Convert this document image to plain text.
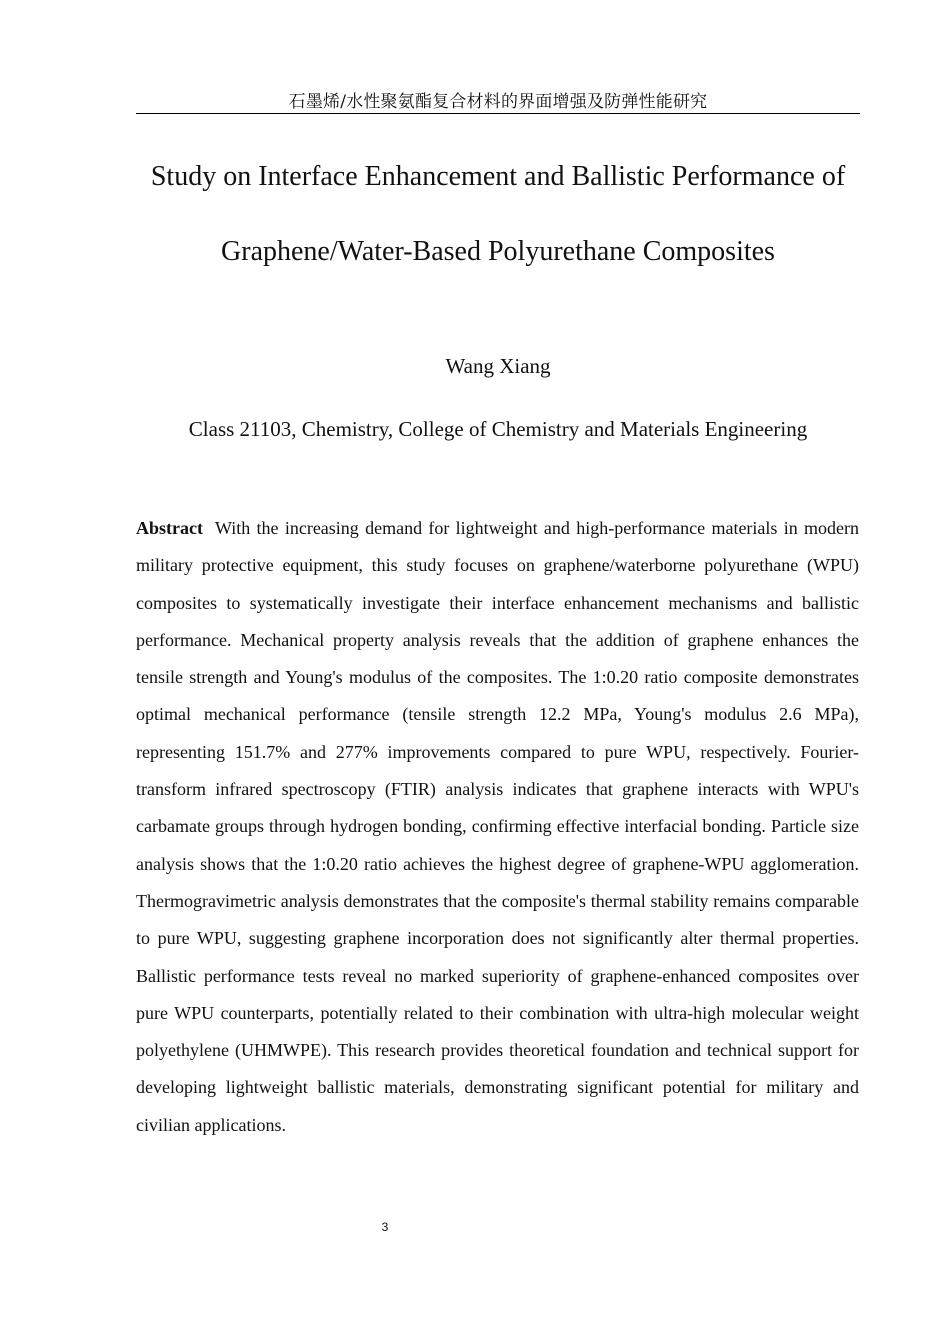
石墨烯/水性聚氨酯复合材料的界面增强及防弹性能研究
Study on Interface Enhancement and Ballistic Performance of
Graphene/Water-Based Polyurethane Composites
Wang Xiang
Class 21103, Chemistry, College of Chemistry and Materials Engineering

Abstract With the increasing demand for lightweight and high-performance materials in modern military protective equipment, this study focuses on graphene/waterborne polyurethane (WPU) composites to systematically investigate their interface enhancement mechanisms and ballistic performance. Mechanical property analysis reveals that the addition of graphene enhances the tensile strength and Young's modulus of the composites. The 1:0.20 ratio composite demonstrates optimal mechanical performance (tensile strength 12.2 MPa, Young's modulus 2.6 MPa), representing 151.7% and 277% improvements compared to pure WPU, respectively. Fourier-transform infrared spectroscopy (FTIR) analysis indicates that graphene interacts with WPU's carbamate groups through hydrogen bonding, confirming effective interfacial bonding. Particle size analysis shows that the 1:0.20 ratio achieves the highest degree of graphene-WPU agglomeration. Thermogravimetric analysis demonstrates that the composite's thermal stability remains comparable to pure WPU, suggesting graphene incorporation does not significantly alter thermal properties. Ballistic performance tests reveal no marked superiority of graphene-enhanced composites over pure WPU counterparts, potentially related to their combination with ultra-high molecular weight polyethylene (UHMWPE). This research provides theoretical foundation and technical support for developing lightweight ballistic materials, demonstrating significant potential for military and civilian applications.

3
